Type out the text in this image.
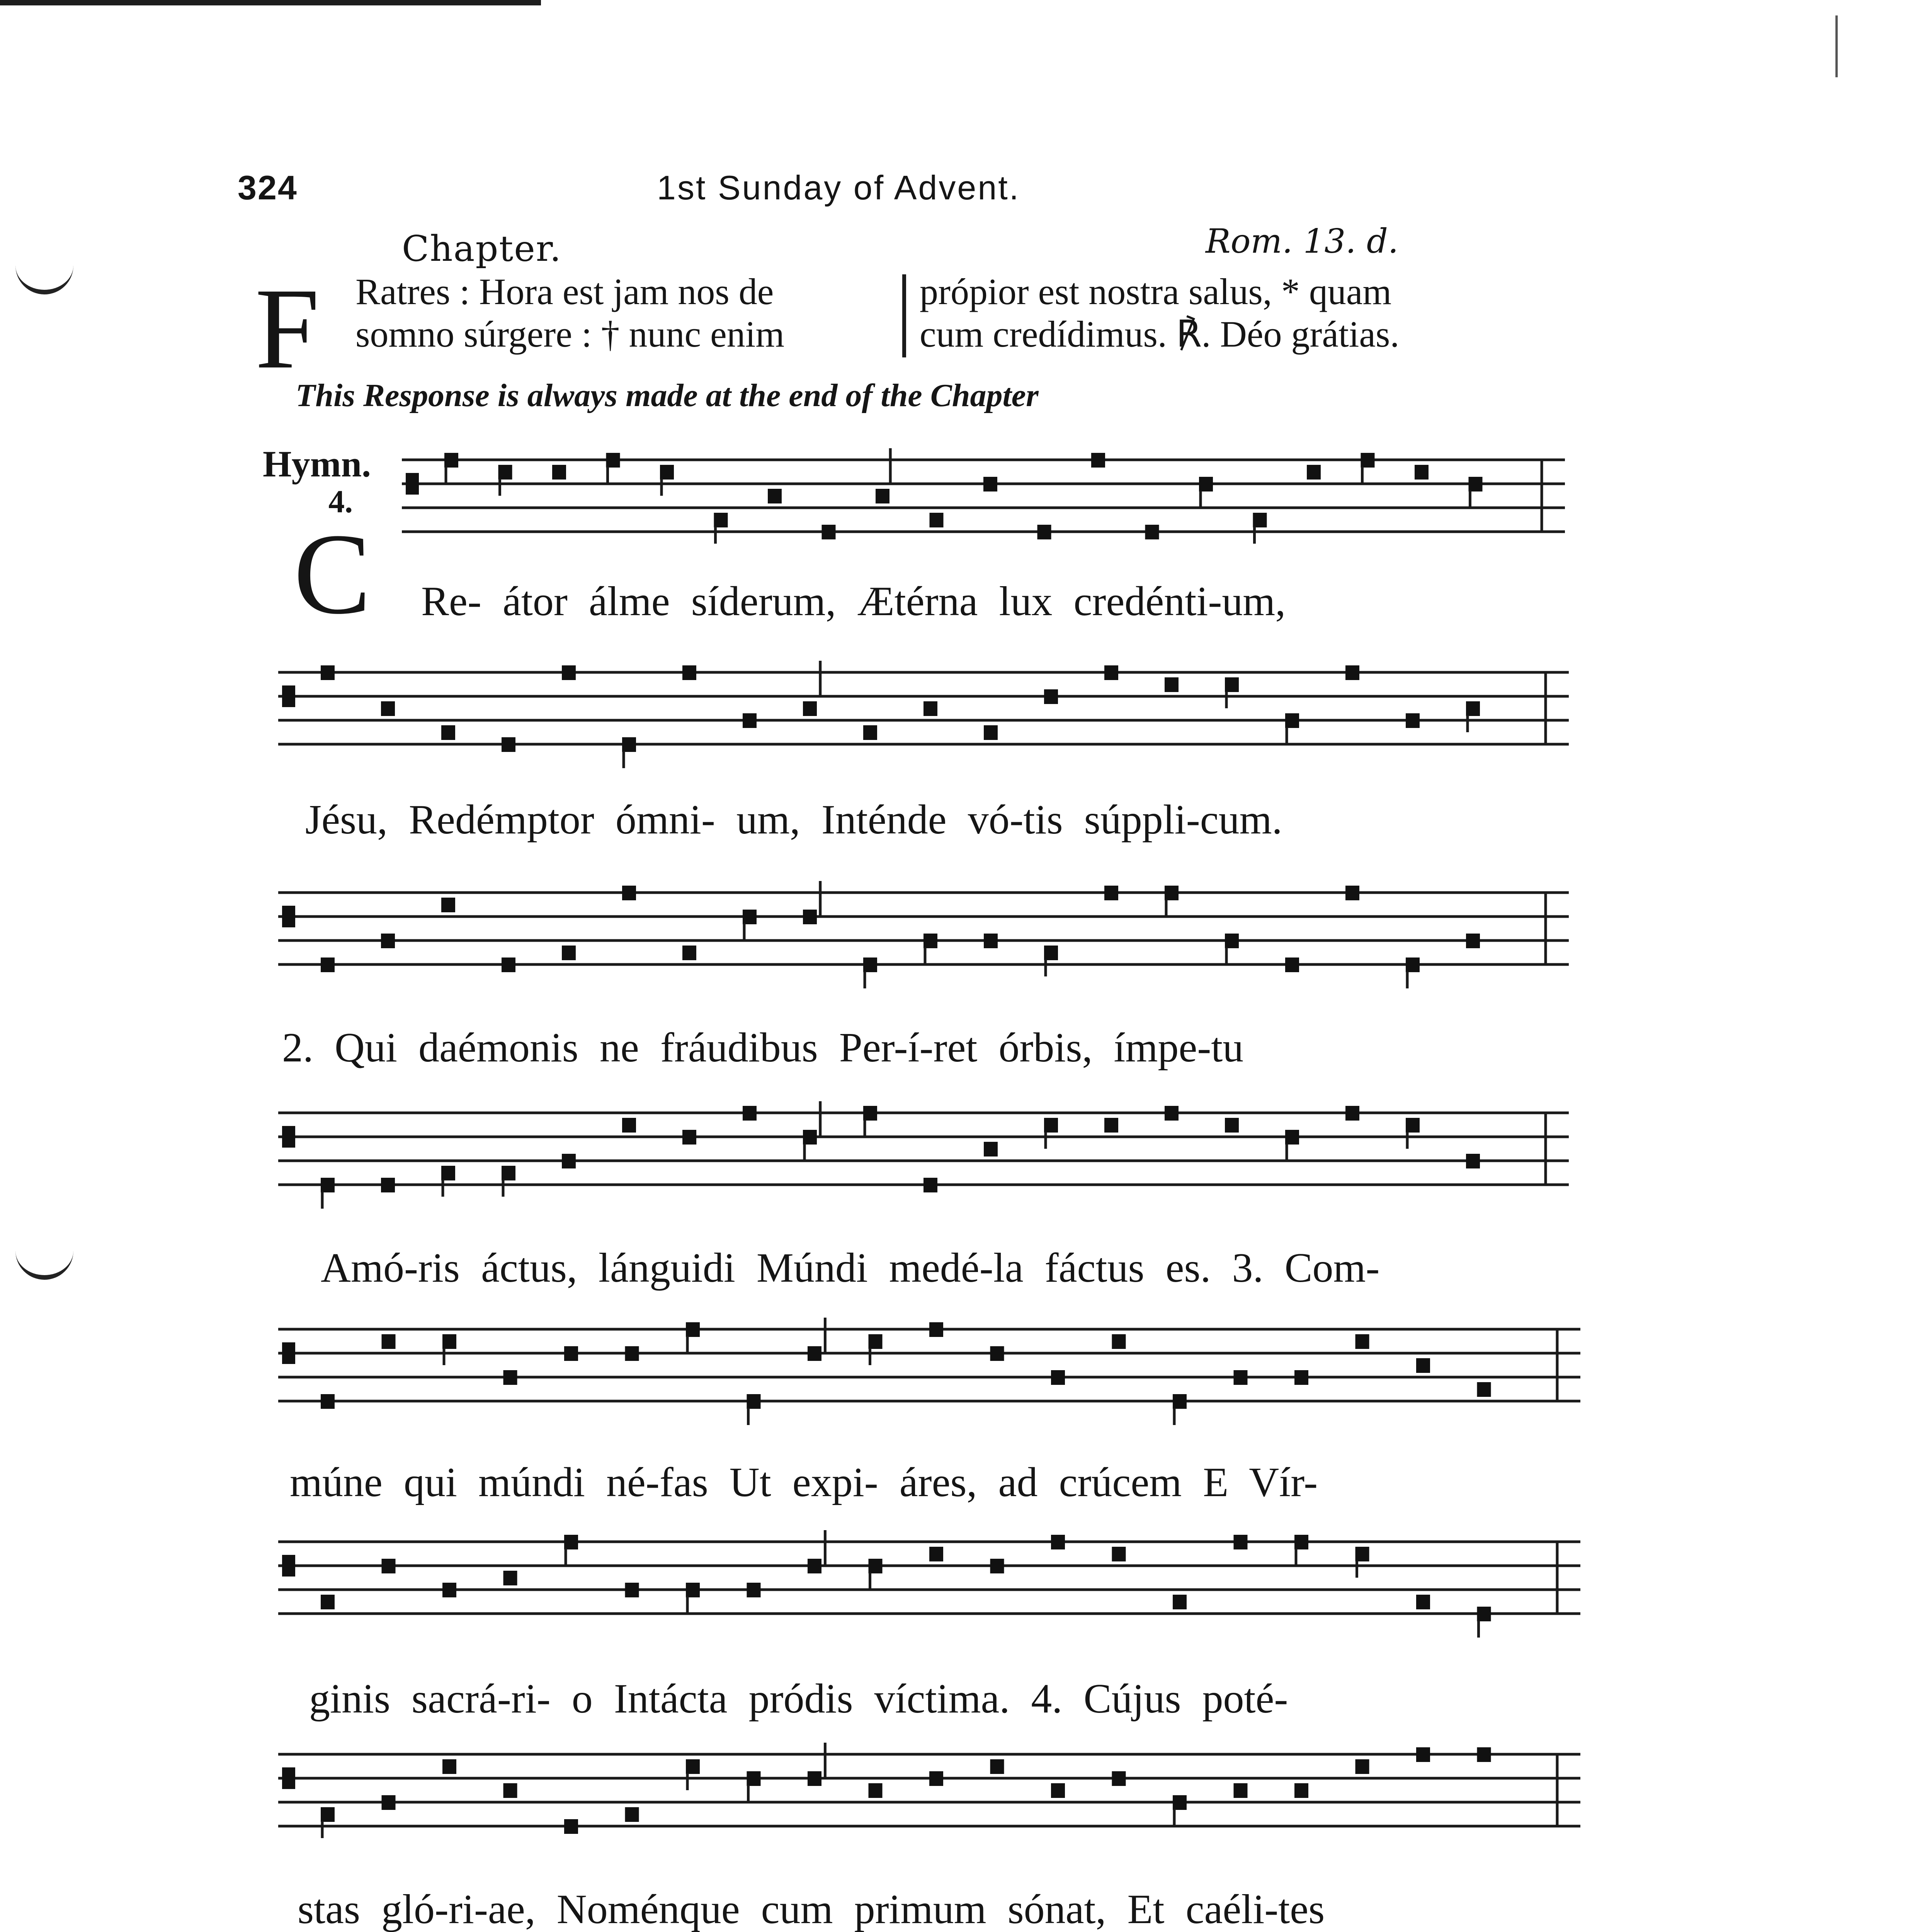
324	1st Sunday of Advent.
Chapter.	Rom. 13. d.
F Ratres : Hora est jam nos de
somno súrgere : † nunc enim
própior est nostra salus, * quam
cum credídimus. ℟. Déo grátias.
This Response is always made at the end of the Chapter
Hymn.
4.
C Re- átor álme síderum, Ætérna lux credénti-um,
Jésu, Redémptor ómni- um, Inténde vó-tis súppli-cum.
2. Qui daémonis ne fráudibus Per-í-ret órbis, ímpe-tu
Amó-ris áctus, lánguidi Múndi medé-la fáctus es. 3. Com-
múne qui múndi né-fas Ut expi- áres, ad crúcem E Vír-
ginis sacrá-ri- o Intácta pródis víctima. 4. Cújus poté-
stas gló-ri-ae, Noménque cum primum sónat, Et caéli-tes
